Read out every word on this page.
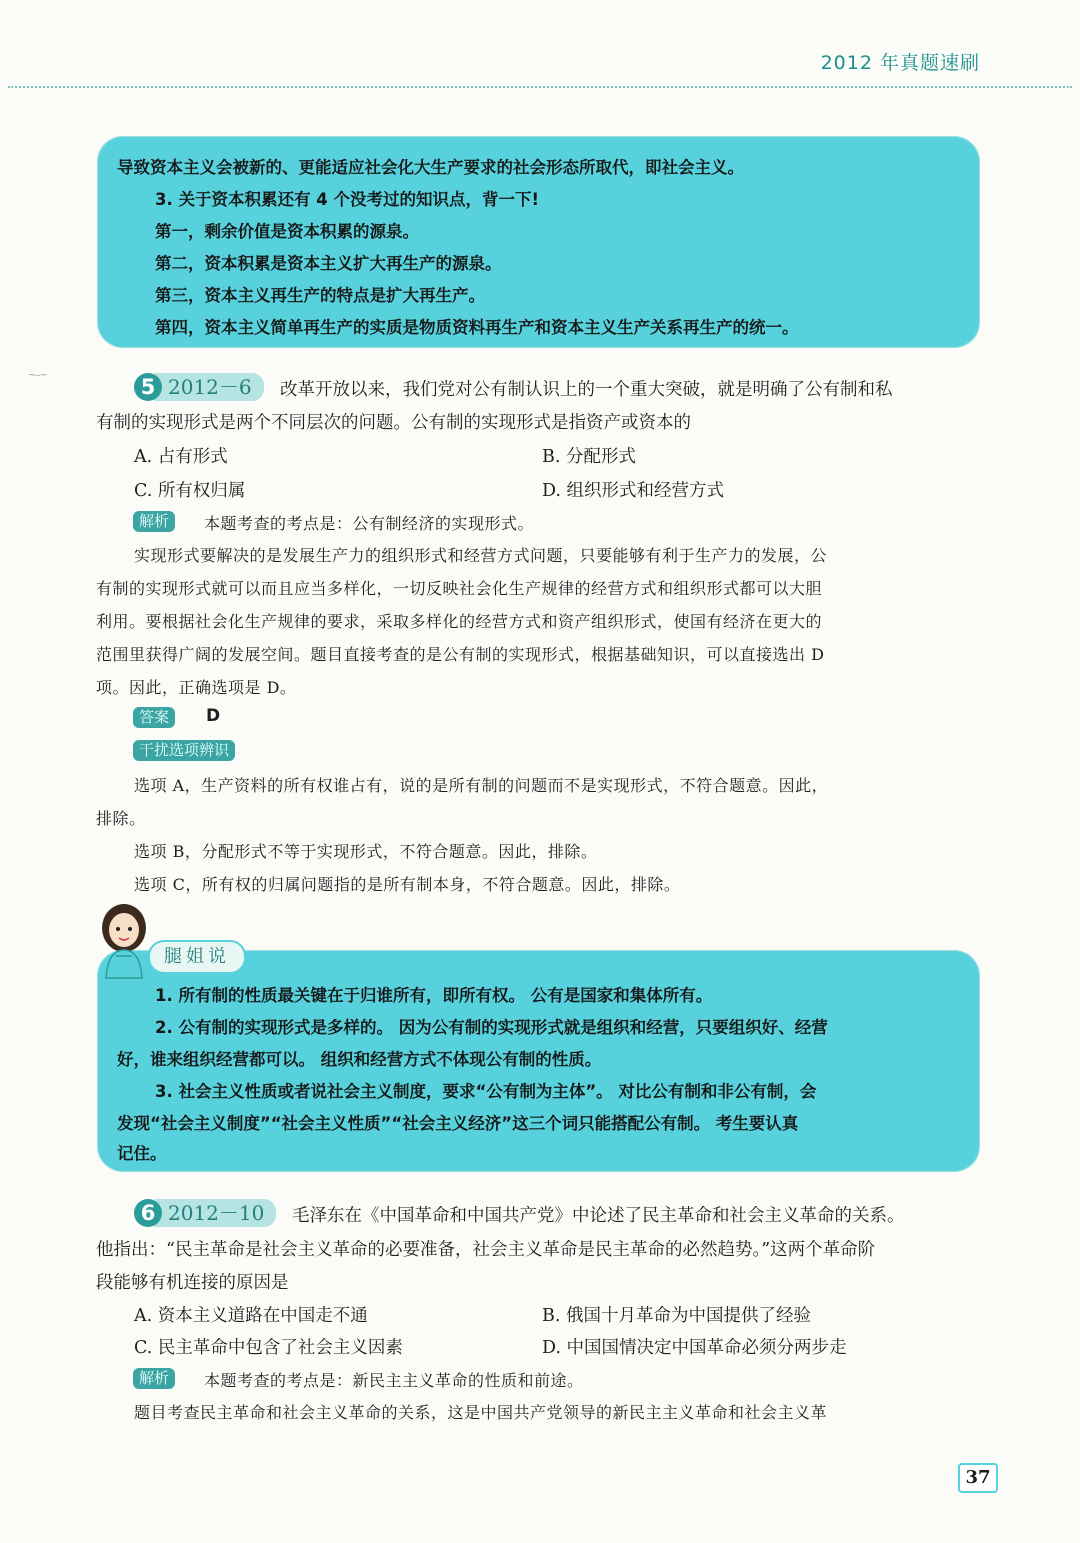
2012 年真题速刷
导致资本主义会被新的、更能适应社会化大生产要求的社会形态所取代，即社会主义。
3. 关于资本积累还有 4 个没考过的知识点，背一下!
第一，剩余价值是资本积累的源泉。
第二，资本积累是资本主义扩大再生产的源泉。
第三，资本主义再生产的特点是扩大再生产。
第四，资本主义简单再生产的实质是物质资料再生产和资本主义生产关系再生产的统一。
~–~	5 2012－6	改革开放以来，我们党对公有制认识上的一个重大突破，就是明确了公有制和私
有制的实现形式是两个不同层次的问题。公有制的实现形式是指资产或资本的
A. 占有形式	B. 分配形式
C. 所有权归属	D. 组织形式和经营方式
解析	本题考查的考点是：公有制经济的实现形式。
实现形式要解决的是发展生产力的组织形式和经营方式问题，只要能够有利于生产力的发展，公
有制的实现形式就可以而且应当多样化，一切反映社会化生产规律的经营方式和组织形式都可以大胆
利用。要根据社会化生产规律的要求，采取多样化的经营方式和资产组织形式，使国有经济在更大的
范围里获得广阔的发展空间。题目直接考查的是公有制的实现形式，根据基础知识，可以直接选出 D
项。因此，正确选项是 D。
答案	D
干扰选项辨识
选项 A，生产资料的所有权谁占有，说的是所有制的问题而不是实现形式，不符合题意。因此，
排除。
选项 B，分配形式不等于实现形式，不符合题意。因此，排除。
选项 C，所有权的归属问题指的是所有制本身，不符合题意。因此，排除。
腿姐说
1. 所有制的性质最关键在于归谁所有，即所有权。 公有是国家和集体所有。
2. 公有制的实现形式是多样的。 因为公有制的实现形式就是组织和经营，只要组织好、经营
好，谁来组织经营都可以。 组织和经营方式不体现公有制的性质。
3. 社会主义性质或者说社会主义制度，要求“公有制为主体”。 对比公有制和非公有制，会
发现“社会主义制度”“社会主义性质”“社会主义经济”这三个词只能搭配公有制。 考生要认真
记住。
6 2012－10	毛泽东在《中国革命和中国共产党》中论述了民主革命和社会主义革命的关系。
他指出：“民主革命是社会主义革命的必要准备，社会主义革命是民主革命的必然趋势。”这两个革命阶
段能够有机连接的原因是
A. 资本主义道路在中国走不通	B. 俄国十月革命为中国提供了经验
C. 民主革命中包含了社会主义因素	D. 中国国情决定中国革命必须分两步走
解析	本题考查的考点是：新民主主义革命的性质和前途。
题目考查民主革命和社会主义革命的关系，这是中国共产党领导的新民主主义革命和社会主义革
37
